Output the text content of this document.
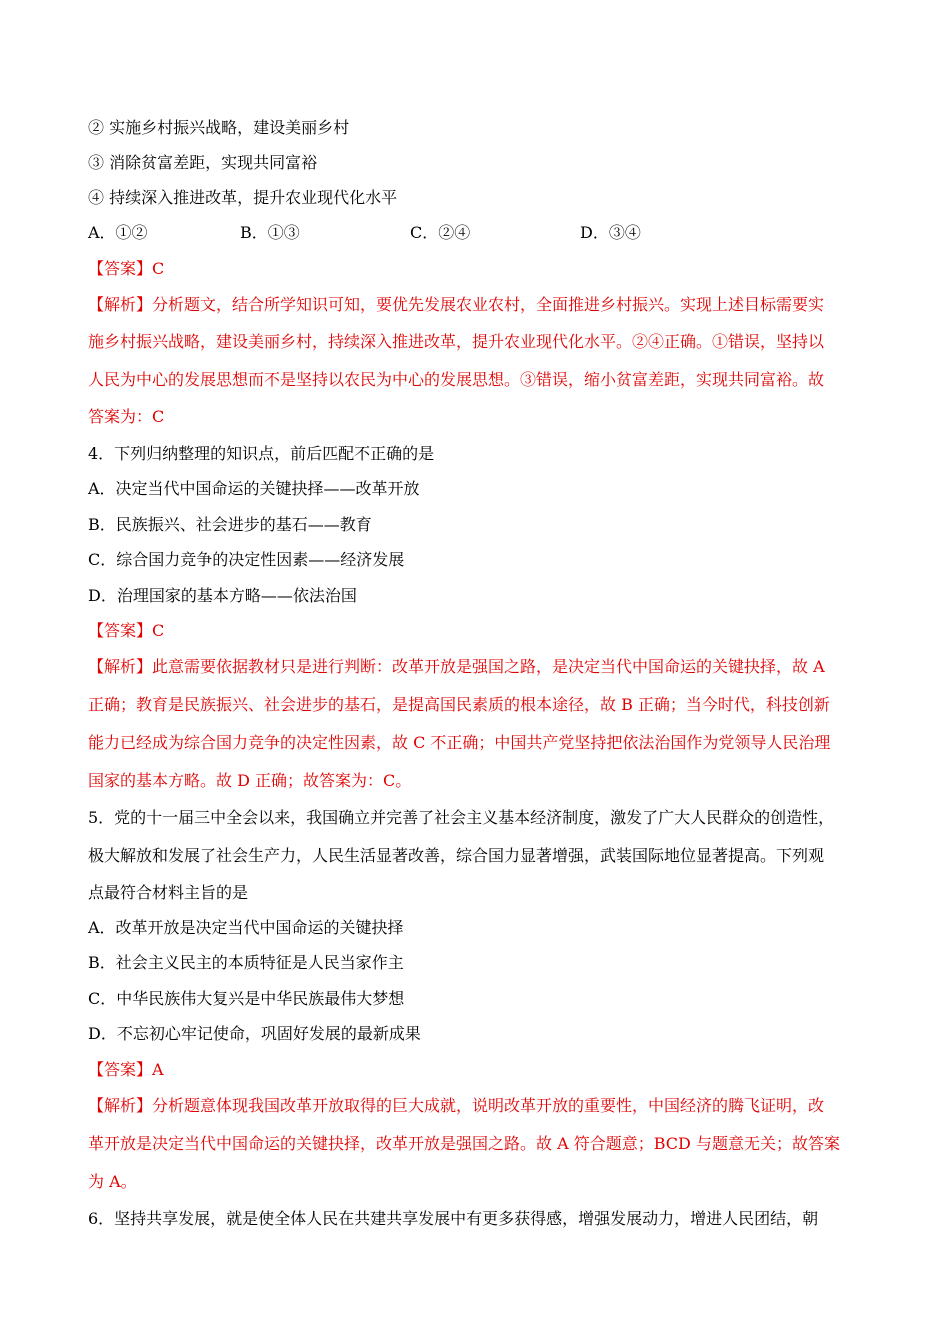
② 实施乡村振兴战略，建设美丽乡村
③ 消除贫富差距，实现共同富裕
④ 持续深入推进改革，提升农业现代化水平
A．①②	B．①③	C．②④	D．③④
【答案】C
【解析】分析题文，结合所学知识可知，要优先发展农业农村，全面推进乡村振兴。实现上述目标需要实
施乡村振兴战略，建设美丽乡村，持续深入推进改革，提升农业现代化水平。②④正确。①错误，坚持以
人民为中心的发展思想而不是坚持以农民为中心的发展思想。③错误，缩小贫富差距，实现共同富裕。故
答案为：C
4．下列归纳整理的知识点，前后匹配不正确的是
A．决定当代中国命运的关键抉择——改革开放
B．民族振兴、社会进步的基石——教育
C．综合国力竞争的决定性因素——经济发展
D．治理国家的基本方略——依法治国
【答案】C
【解析】此意需要依据教材只是进行判断：改革开放是强国之路，是决定当代中国命运的关键抉择，故 A
正确；教育是民族振兴、社会进步的基石，是提高国民素质的根本途径，故 B 正确；当今时代，科技创新
能力已经成为综合国力竞争的决定性因素，故 C 不正确；中国共产党坚持把依法治国作为党领导人民治理
国家的基本方略。故 D 正确；故答案为：C。
5．党的十一届三中全会以来，我国确立并完善了社会主义基本经济制度，激发了广大人民群众的创造性，
极大解放和发展了社会生产力，人民生活显著改善，综合国力显著增强，武装国际地位显著提高。下列观
点最符合材料主旨的是
A．改革开放是决定当代中国命运的关键抉择
B．社会主义民主的本质特征是人民当家作主
C．中华民族伟大复兴是中华民族最伟大梦想
D．不忘初心牢记使命，巩固好发展的最新成果
【答案】A
【解析】分析题意体现我国改革开放取得的巨大成就，说明改革开放的重要性，中国经济的腾飞证明，改
革开放是决定当代中国命运的关键抉择，改革开放是强国之路。故 A 符合题意；BCD 与题意无关；故答案
为 A。
6．坚持共享发展，就是使全体人民在共建共享发展中有更多获得感，增强发展动力，增进人民团结，朝
